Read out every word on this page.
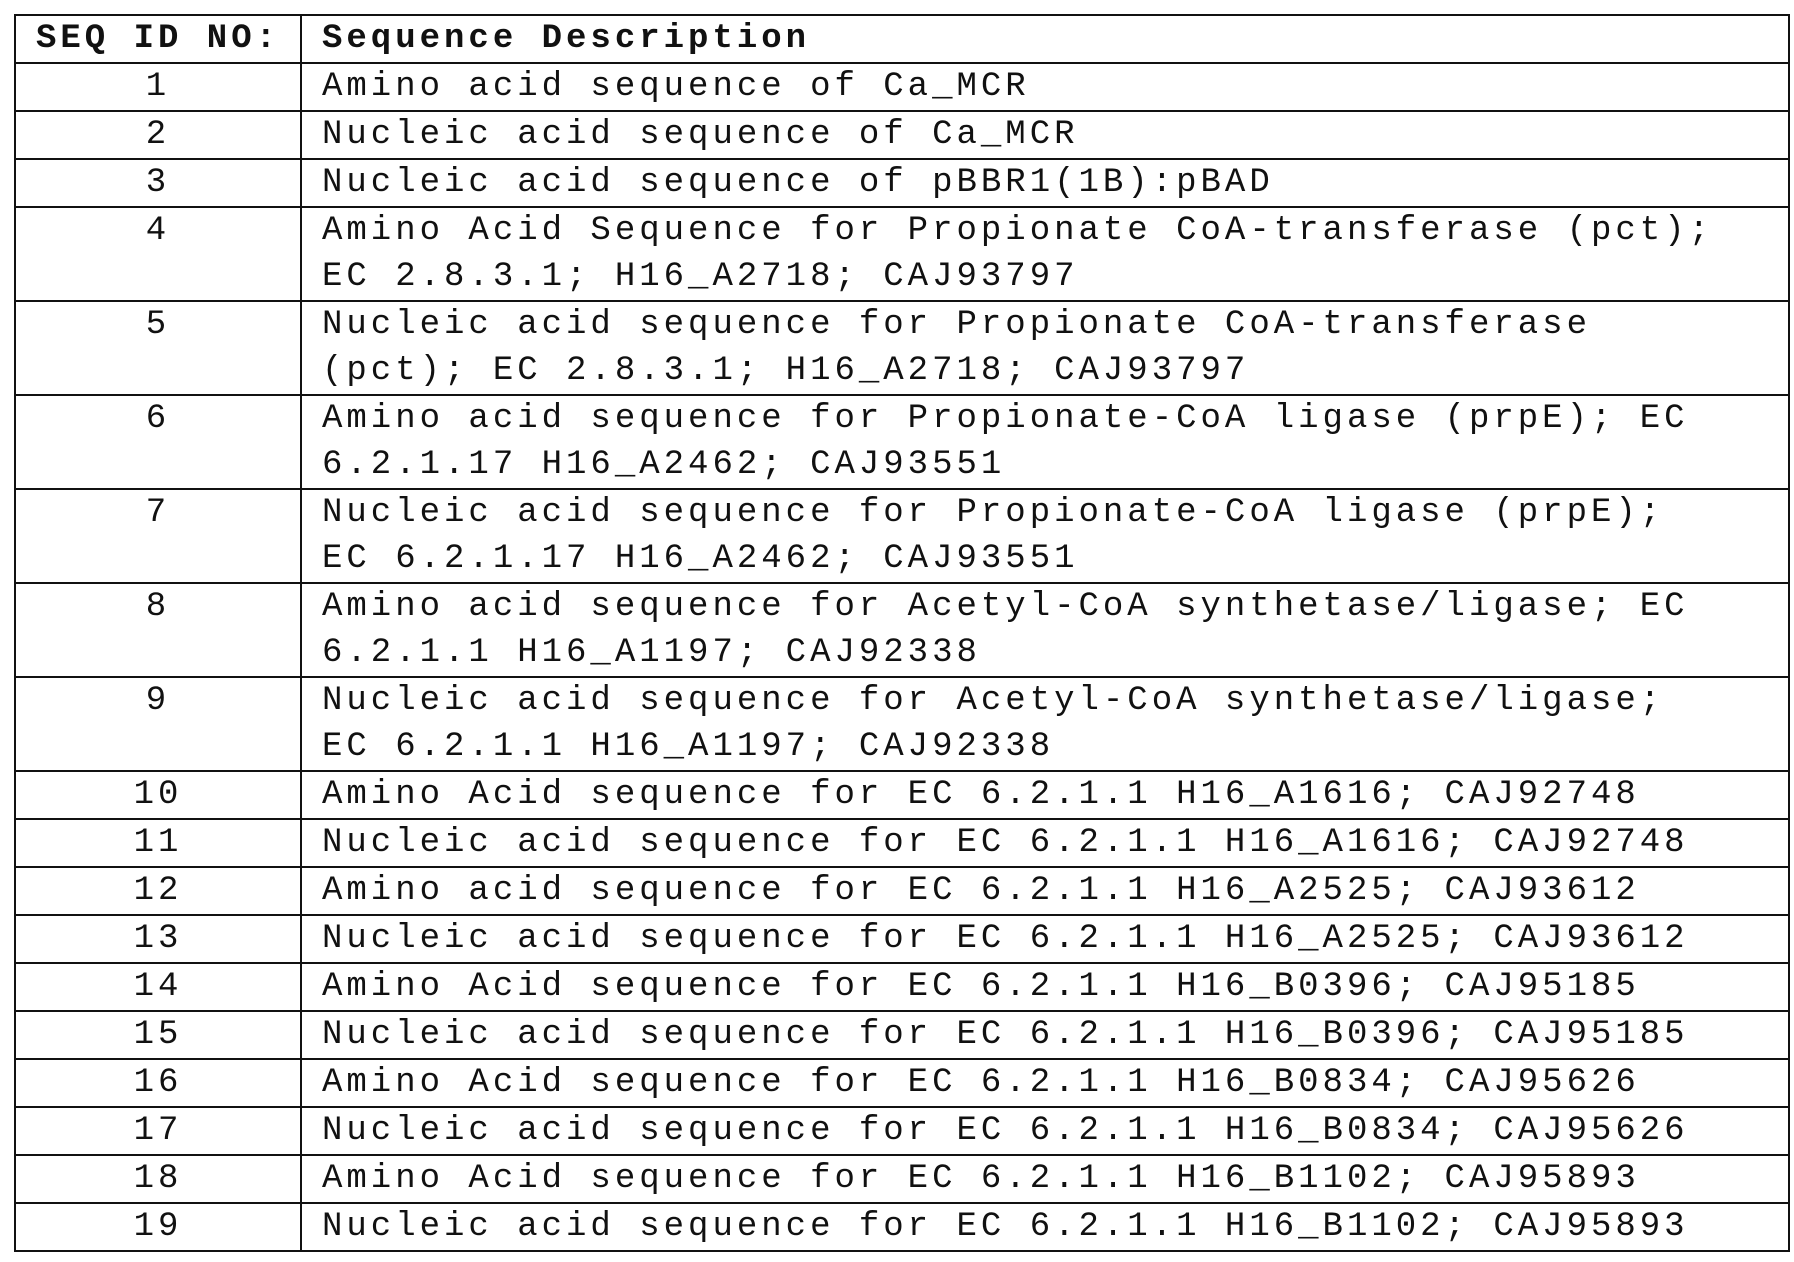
SEQ ID NO:	Sequence Description
1	Amino acid sequence of Ca_MCR
2	Nucleic acid sequence of Ca_MCR
3	Nucleic acid sequence of pBBR1(1B):pBAD
4	Amino Acid Sequence for Propionate CoA-transferase (pct);
EC 2.8.3.1; H16_A2718; CAJ93797
5	Nucleic acid sequence for Propionate CoA-transferase
(pct); EC 2.8.3.1; H16_A2718; CAJ93797
6	Amino acid sequence for Propionate-CoA ligase (prpE); EC
6.2.1.17 H16_A2462; CAJ93551
7	Nucleic acid sequence for Propionate-CoA ligase (prpE);
EC 6.2.1.17 H16_A2462; CAJ93551
8	Amino acid sequence for Acetyl-CoA synthetase/ligase; EC
6.2.1.1 H16_A1197; CAJ92338
9	Nucleic acid sequence for Acetyl-CoA synthetase/ligase;
EC 6.2.1.1 H16_A1197; CAJ92338
10	Amino Acid sequence for EC 6.2.1.1 H16_A1616; CAJ92748
11	Nucleic acid sequence for EC 6.2.1.1 H16_A1616; CAJ92748
12	Amino acid sequence for EC 6.2.1.1 H16_A2525; CAJ93612
13	Nucleic acid sequence for EC 6.2.1.1 H16_A2525; CAJ93612
14	Amino Acid sequence for EC 6.2.1.1 H16_B0396; CAJ95185
15	Nucleic acid sequence for EC 6.2.1.1 H16_B0396; CAJ95185
16	Amino Acid sequence for EC 6.2.1.1 H16_B0834; CAJ95626
17	Nucleic acid sequence for EC 6.2.1.1 H16_B0834; CAJ95626
18	Amino Acid sequence for EC 6.2.1.1 H16_B1102; CAJ95893
19	Nucleic acid sequence for EC 6.2.1.1 H16_B1102; CAJ95893
